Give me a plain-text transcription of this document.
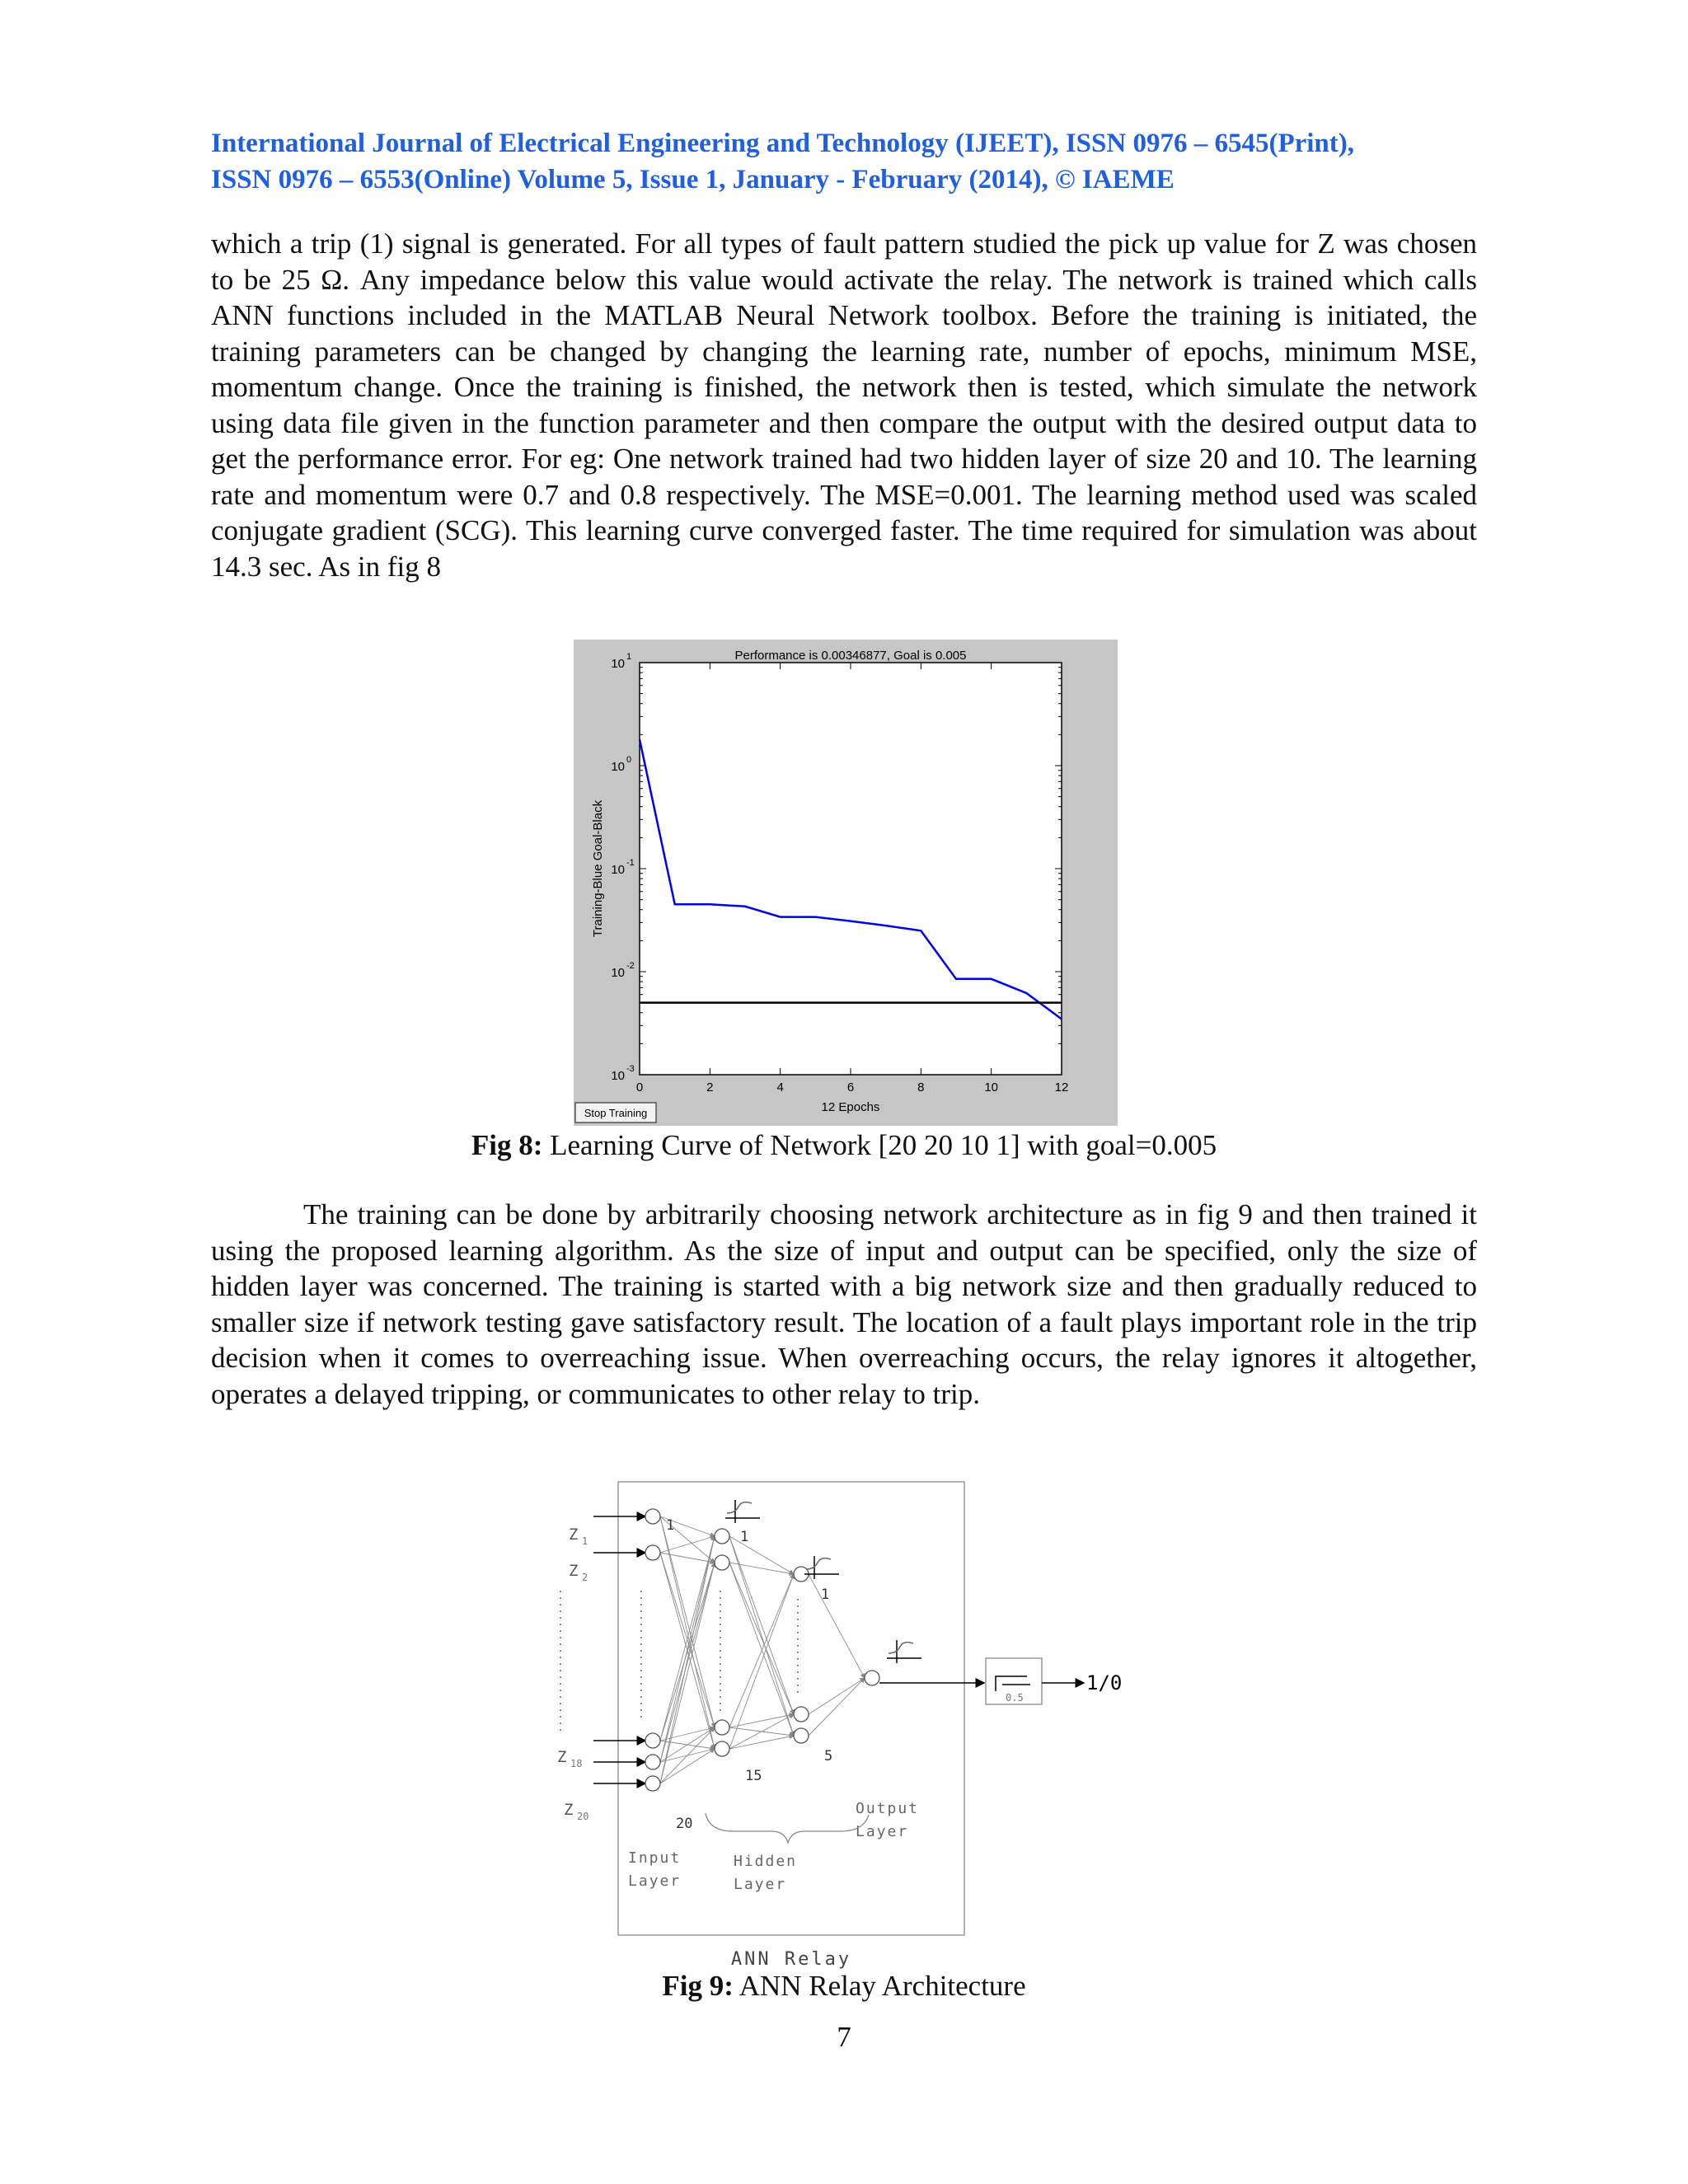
International Journal of Electrical Engineering and Technology (IJEET), ISSN 0976 – 6545(Print),
ISSN 0976 – 6553(Online) Volume 5, Issue 1, January - February (2014), © IAEME

which a trip (1) signal is generated. For all types of fault pattern studied the pick up value for Z was chosen to be 25 Ω. Any impedance below this value would activate the relay. The network is trained which calls ANN functions included in the MATLAB Neural Network toolbox. Before the training is initiated, the training parameters can be changed by changing the learning rate, number of epochs, minimum MSE, momentum change. Once the training is finished, the network then is tested, which simulate the network using data file given in the function parameter and then compare the output with the desired output data to get the performance error. For eg: One network trained had two hidden layer of size 20 and 10. The learning rate and momentum were 0.7 and 0.8 respectively. The MSE=0.001. The learning method used was scaled conjugate gradient (SCG). This learning curve converged faster. The time required for simulation was about 14.3 sec. As in fig 8

0	2	4	6	8	10	12
10 1
10 0
10 -1
10 -2
10 -3
Performance is 0.00346877, Goal is 0.005
12 Epochs
Training-Blue Goal-Black
Stop Training
Fig 8: Learning Curve of Network [20 20 10 1] with goal=0.005

The training can be done by arbitrarily choosing network architecture as in fig 9 and then trained it using the proposed learning algorithm. As the size of input and output can be specified, only the size of hidden layer was concerned. The training is started with a big network size and then gradually reduced to smaller size if network testing gave satisfactory result. The location of a fault plays important role in the trip decision when it comes to overreaching issue. When overreaching occurs, the relay ignores it altogether, operates a delayed tripping, or communicates to other relay to trip.

Z 1
Z 2
Z 18
Z 20
1
20
1
15
1
5
0.5
1/0
Input
Layer
Hidden
Layer
Output
Layer
ANN Relay
Fig 9: ANN Relay Architecture
7
